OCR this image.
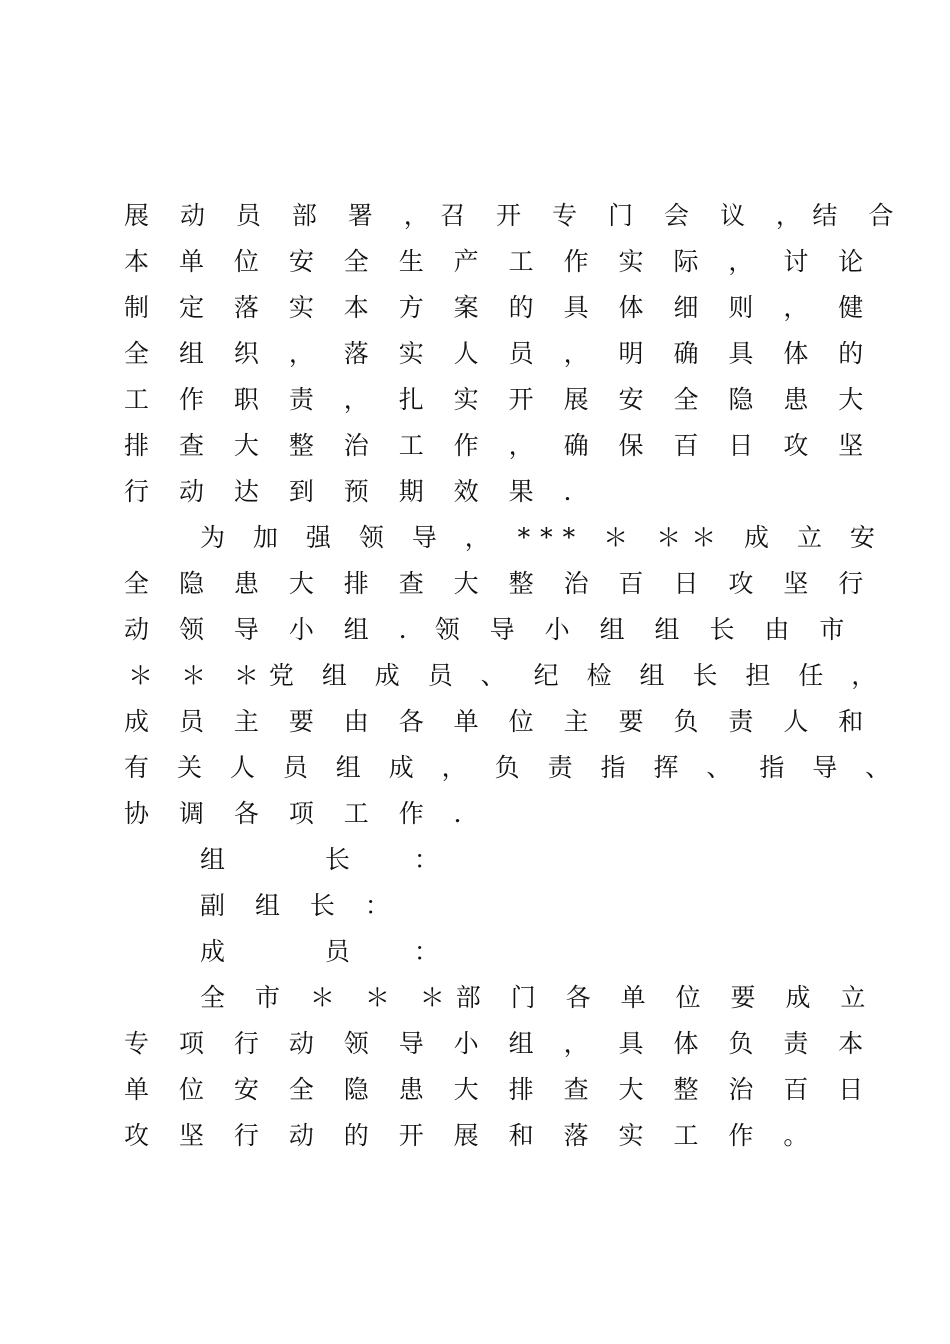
展 动 员 部 署 ，召 开 专 门 会 议 ，结 合
本 单 位 安 全 生 产 工 作 实 际 ， 讨 论
制 定 落 实 本 方 案 的 具 体 细 则 ， 健
全 组 织 ， 落 实 人 员 ， 明 确 具 体 的
工 作 职 责 ， 扎 实 开 展 安 全 隐 患 大
排 查 大 整 治 工 作 ， 确 保 百 日 攻 坚
行 动 达 到 预 期 效 果 ．
为 加 强 领 导 ， *** ＊ ＊＊ 成 立 安
全 隐 患 大 排 查 大 整 治 百 日 攻 坚 行
动 领 导 小 组 ．领 导 小 组 组 长 由 市
＊ ＊ ＊党 组 成 员 、 纪 检 组 长 担 任 ，
成 员 主 要 由 各 单 位 主 要 负 责 人 和
有 关 人 员 组 成 ， 负 责 指 挥 、 指 导 、
协 调 各 项 工 作 ．
组  长 ：
副 组 长 ：
成  员 ：
全 市 ＊ ＊ ＊部 门 各 单 位 要 成 立
专 项 行 动 领 导 小 组 ， 具 体 负 责 本
单 位 安 全 隐 患 大 排 查 大 整 治 百 日
攻 坚 行 动 的 开 展 和 落 实 工 作 。
